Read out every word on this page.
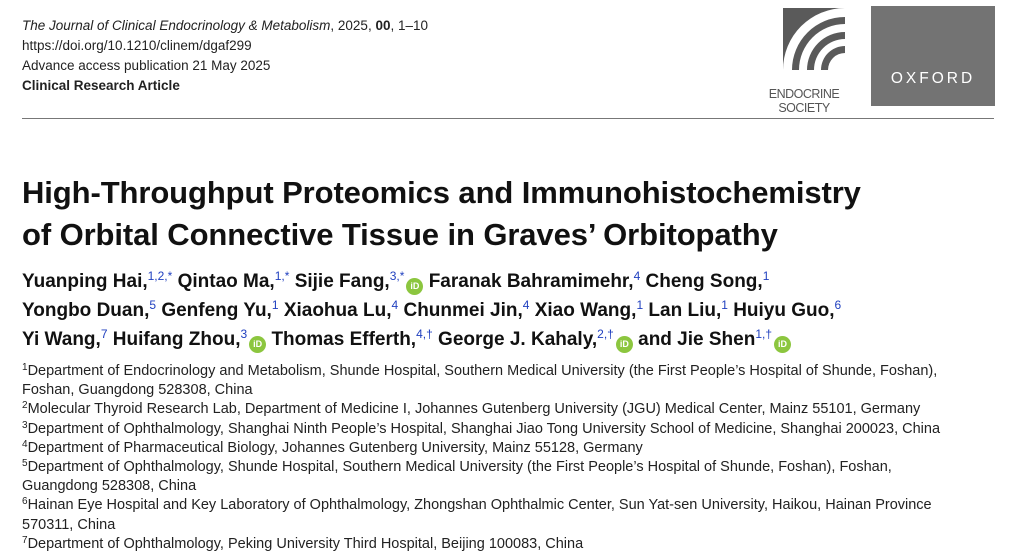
The Journal of Clinical Endocrinology & Metabolism, 2025, 00, 1–10
https://doi.org/10.1210/clinem/dgaf299
Advance access publication 21 May 2025
Clinical Research Article
ENDOCRINE
SOCIETY
OXFORD
High-Throughput Proteomics and Immunohistochemistry
of Orbital Connective Tissue in Graves’ Orbitopathy
Yuanping Hai,$^{1,2,*}$ Qintao Ma,$^{1,*}$ Sijie Fang,$^{3,*}$iD Faranak Bahramimehr,$^4$ Cheng Song,$^1$
Yongbo Duan,$^5$ Genfeng Yu,$^1$ Xiaohua Lu,$^4$ Chunmei Jin,$^4$ Xiao Wang,$^1$ Lan Liu,$^1$ Huiyu Guo,$^6$
Yi Wang,$^7$ Huifang Zhou,$^3$iD Thomas Efferth,$^{4,\dagger}$ George J. Kahaly,$^{2,\dagger}$iD and Jie Shen$^{1,\dagger}$iD
$^1$Department of Endocrinology and Metabolism, Shunde Hospital, Southern Medical University (the First People’s Hospital of Shunde, Foshan),
Foshan, Guangdong 528308, China
$^2$Molecular Thyroid Research Lab, Department of Medicine I, Johannes Gutenberg University (JGU) Medical Center, Mainz 55101, Germany
$^3$Department of Ophthalmology, Shanghai Ninth People’s Hospital, Shanghai Jiao Tong University School of Medicine, Shanghai 200023, China
$^4$Department of Pharmaceutical Biology, Johannes Gutenberg University, Mainz 55128, Germany
$^5$Department of Ophthalmology, Shunde Hospital, Southern Medical University (the First People’s Hospital of Shunde, Foshan), Foshan,
Guangdong 528308, China
$^6$Hainan Eye Hospital and Key Laboratory of Ophthalmology, Zhongshan Ophthalmic Center, Sun Yat-sen University, Haikou, Hainan Province
570311, China
$^7$Department of Ophthalmology, Peking University Third Hospital, Beijing 100083, China
